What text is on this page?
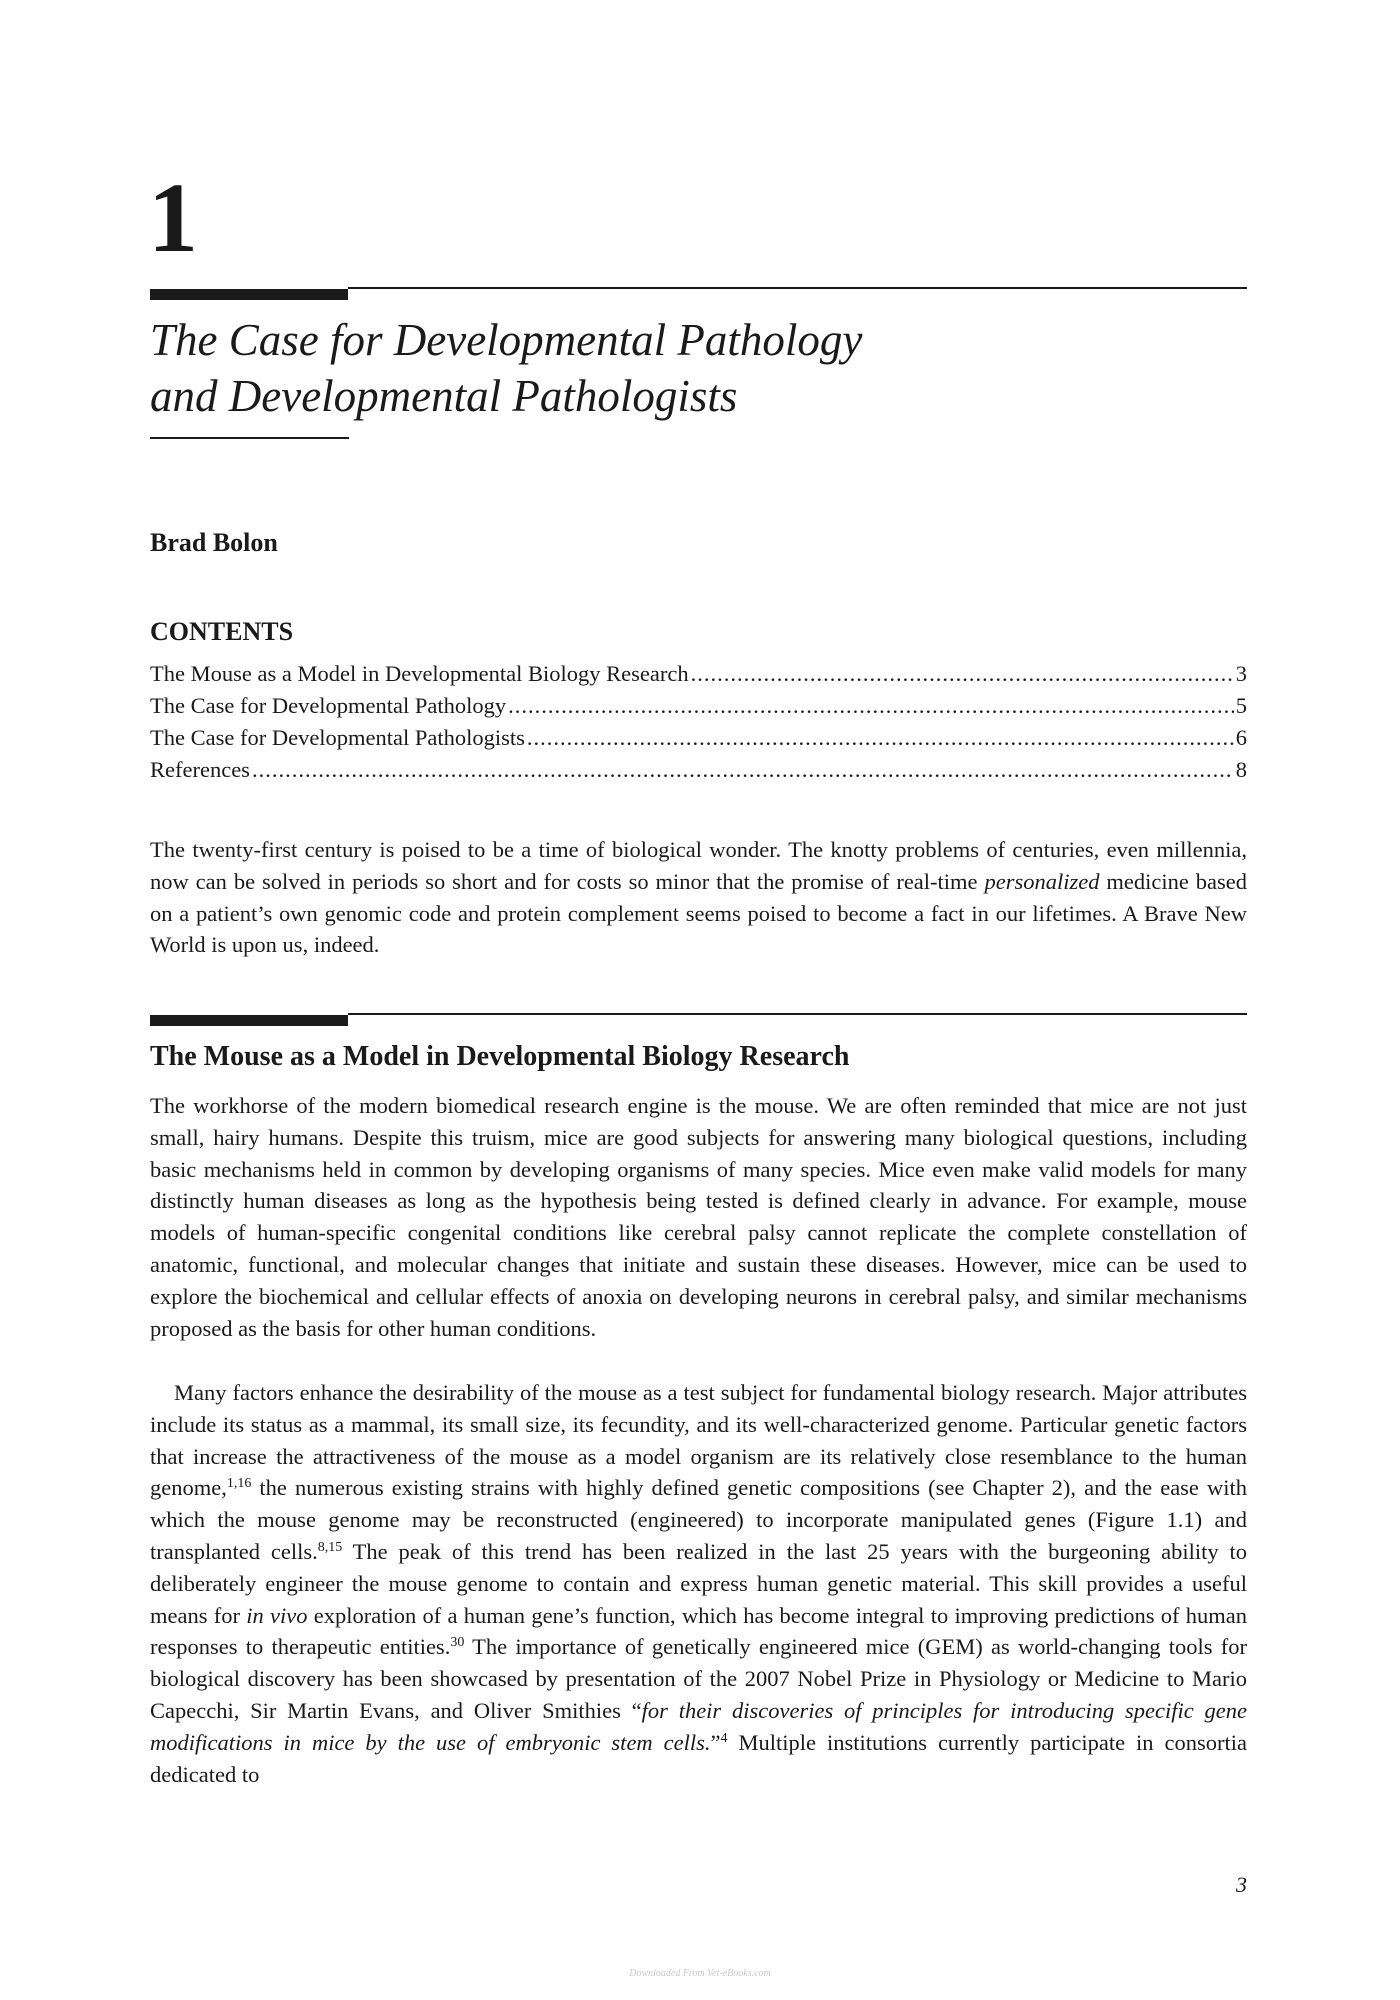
1
The Case for Developmental Pathology
and Developmental Pathologists
Brad Bolon
CONTENTS
The Mouse as a Model in Developmental Biology Research .....	3
The Case for Developmental Pathology .....	5
The Case for Developmental Pathologists .....	6
References .....	8

The twenty-first century is poised to be a time of biological wonder. The knotty problems of centuries, even millennia, now can be solved in periods so short and for costs so minor that the promise of real-time personalized medicine based on a patient’s own genomic code and protein complement seems poised to become a fact in our lifetimes. A Brave New World is upon us, indeed.

The Mouse as a Model in Developmental Biology Research

The workhorse of the modern biomedical research engine is the mouse. We are often reminded that mice are not just small, hairy humans. Despite this truism, mice are good subjects for answering many biological questions, including basic mechanisms held in common by developing organisms of many species. Mice even make valid models for many distinctly human diseases as long as the hypothesis being tested is defined clearly in advance. For example, mouse models of human-specific congenital conditions like cerebral palsy cannot replicate the complete constellation of anatomic, functional, and molecular changes that initiate and sustain these diseases. However, mice can be used to explore the biochemical and cellular effects of anoxia on developing neurons in cerebral palsy, and similar mechanisms proposed as the basis for other human conditions.

Many factors enhance the desirability of the mouse as a test subject for fundamental biology research. Major attributes include its status as a mammal, its small size, its fecundity, and its well-characterized genome. Particular genetic factors that increase the attractiveness of the mouse as a model organism are its relatively close resemblance to the human genome,$^{1,16}$ the numerous existing strains with highly defined genetic compositions (see Chapter 2), and the ease with which the mouse genome may be reconstructed (engineered) to incorporate manipulated genes (Figure 1.1) and transplanted cells.$^{8,15}$ The peak of this trend has been realized in the last 25 years with the burgeoning ability to deliberately engineer the mouse genome to contain and express human genetic material. This skill provides a useful means for in vivo exploration of a human gene’s function, which has become integral to improving predictions of human responses to therapeutic entities.$^{30}$ The importance of genetically engineered mice (GEM) as world-changing tools for biological discovery has been showcased by presentation of the 2007 Nobel Prize in Physiology or Medicine to Mario Capecchi, Sir Martin Evans, and Oliver Smithies “for their discoveries of principles for introducing specific gene modifications in mice by the use of embryonic stem cells.”$^4$ Multiple institutions currently participate in consortia dedicated to

3
Downloaded From Vet-eBooks.com
